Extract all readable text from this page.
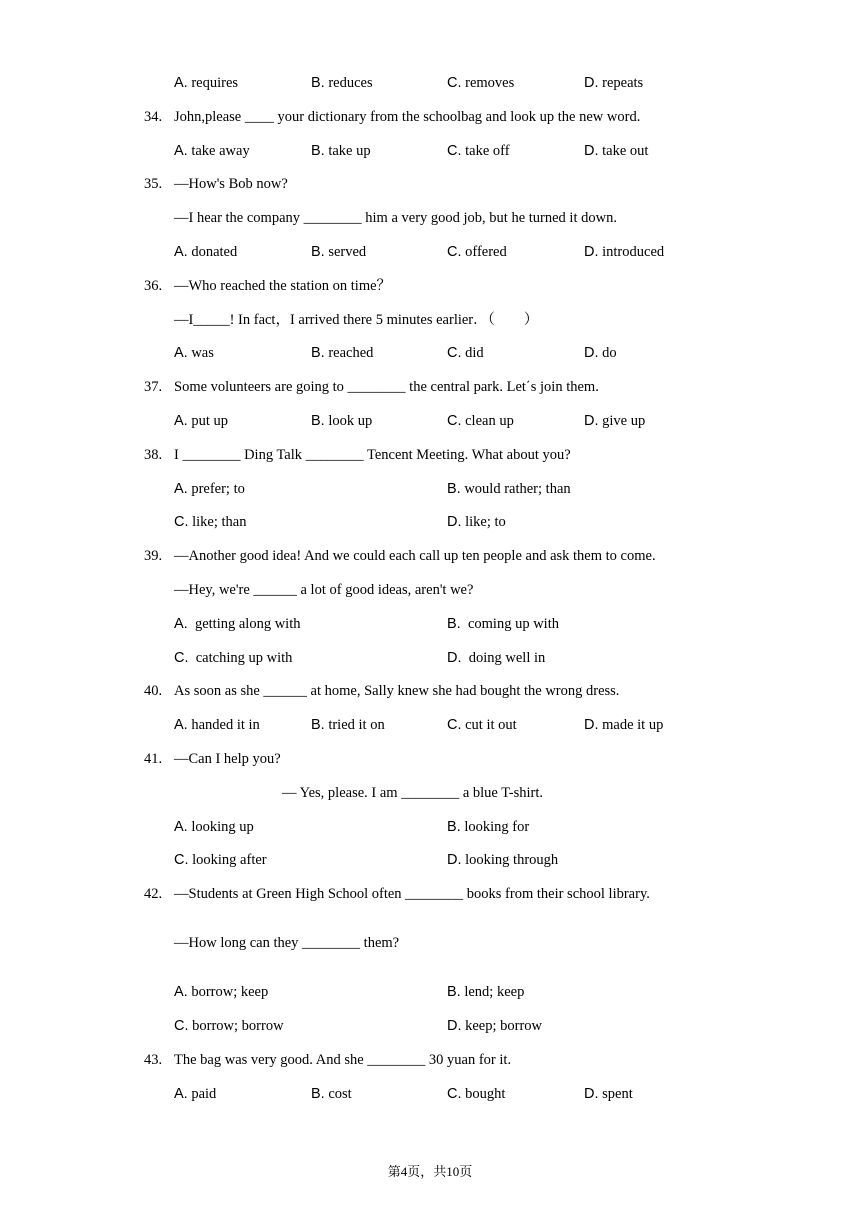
A. requires	B. reduces	C. removes	D. repeats
34. John,please ____ your dictionary from the schoolbag and look up the new word.
A. take away	B. take up	C. take off	D. take out
35. —How's Bob now?
—I hear the company ________ him a very good job, but he turned it down.
A. donated	B. served	C. offered	D. introduced
36. —Who reached the station on time？
—I_____! In fact，I arrived there 5 minutes earlier．（　　）
A. was	B. reached	C. did	D. do
37. Some volunteers are going to ________ the central park. Let΄s join them.
A. put up	B. look up	C. clean up	D. give up
38. I ________ Ding Talk ________ Tencent Meeting. What about you?
A. prefer; to	B. would rather; than
C. like; than	D. like; to
39. —Another good idea! And we could each call up ten people and ask them to come.
—Hey, we're ______ a lot of good ideas, aren't we?
A.  getting along with	B.  coming up with
C.  catching up with	D.  doing well in
40. As soon as she ______ at home, Sally knew she had bought the wrong dress.
A. handed it in	B. tried it on	C. cut it out	D. made it up
41. —Can I help you?
— Yes, please. I am ________ a blue T-shirt.
A. looking up	B. looking for
C. looking after	D. looking through
42. —Students at Green High School often ________ books from their school library.
—How long can they ________ them?
A. borrow; keep	B. lend; keep
C. borrow; borrow	D. keep; borrow
43. The bag was very good. And she ________ 30 yuan for it.
A. paid	B. cost	C. bought	D. spent
第4页，共10页
